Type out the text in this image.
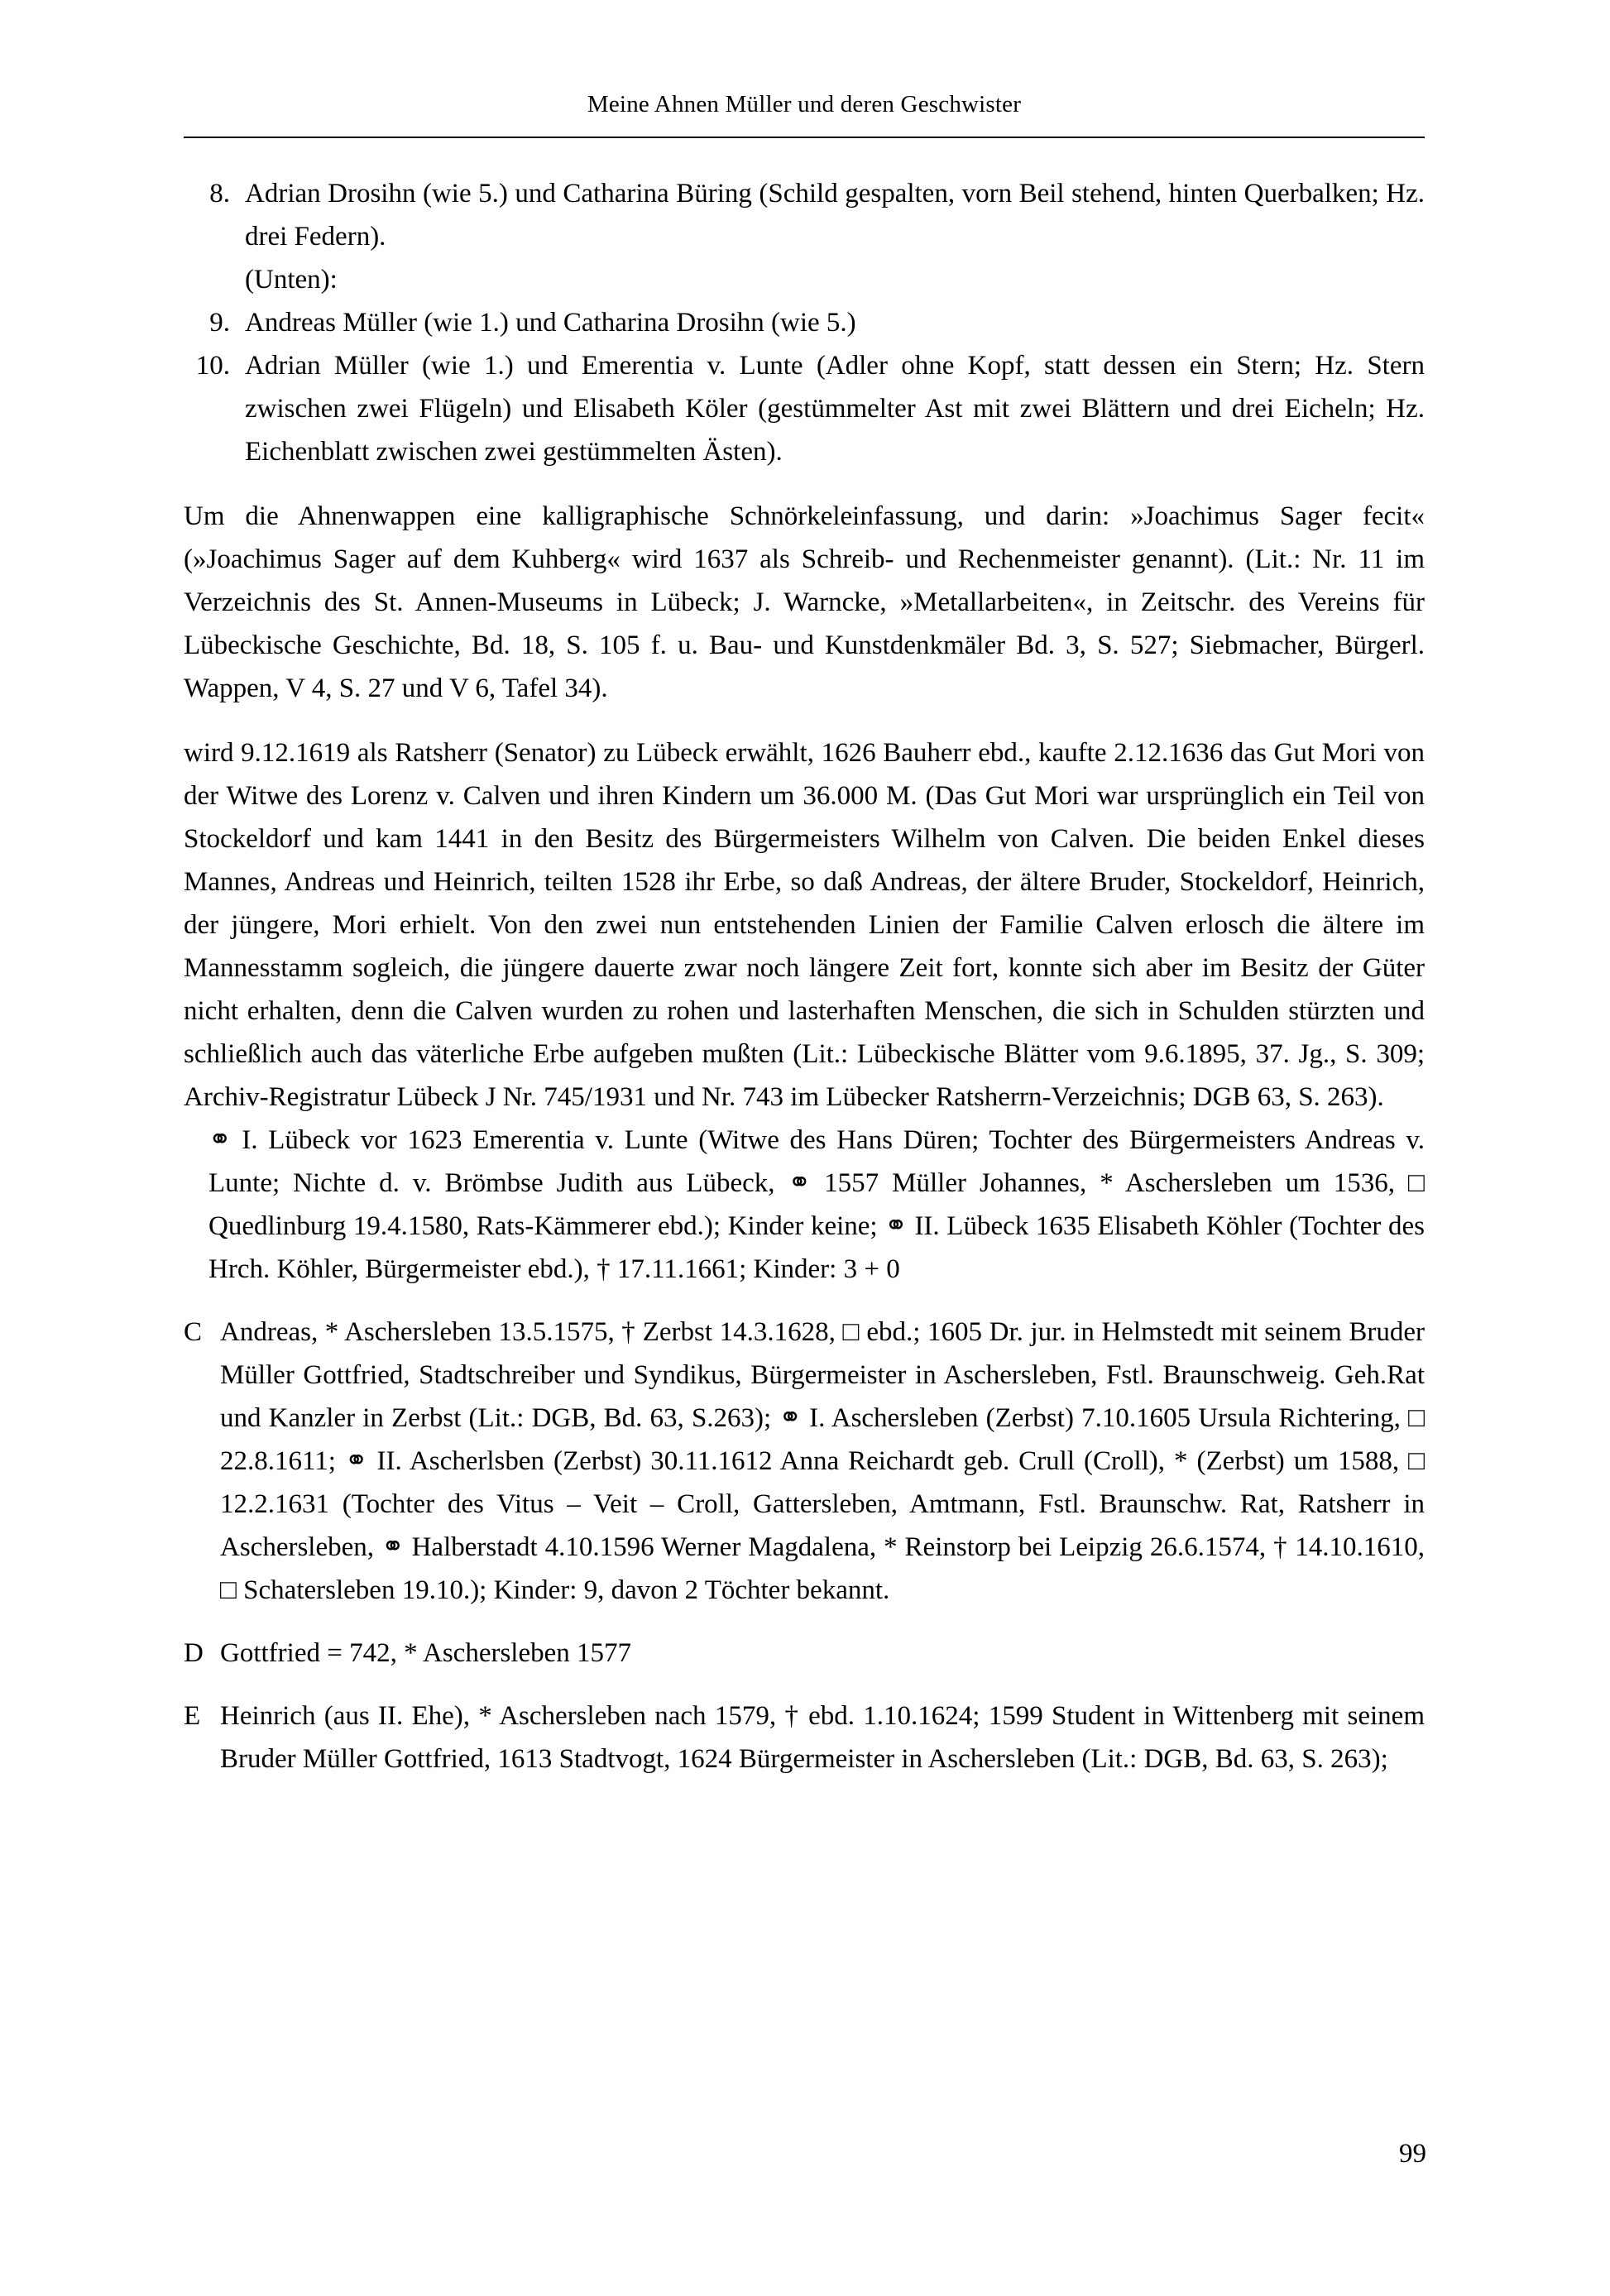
Meine Ahnen Müller und deren Geschwister
8. Adrian Drosihn (wie 5.) und Catharina Büring (Schild gespalten, vorn Beil stehend, hinten Querbalken; Hz. drei Federn).
(Unten):
9. Andreas Müller (wie 1.) und Catharina Drosihn (wie 5.)
10. Adrian Müller (wie 1.) und Emerentia v. Lunte (Adler ohne Kopf, statt dessen ein Stern; Hz. Stern zwischen zwei Flügeln) und Elisabeth Köler (gestümmelter Ast mit zwei Blättern und drei Eicheln; Hz. Eichenblatt zwischen zwei gestümmelten Ästen).

Um die Ahnenwappen eine kalligraphische Schnörkeleinfassung, und darin: »Joachimus Sager fecit« (»Joachimus Sager auf dem Kuhberg« wird 1637 als Schreib- und Rechenmeister genannt). (Lit.: Nr. 11 im Verzeichnis des St. Annen-Museums in Lübeck; J. Warncke, »Metallarbeiten«, in Zeitschr. des Vereins für Lübeckische Geschichte, Bd. 18, S. 105 f. u. Bau- und Kunstdenkmäler Bd. 3, S. 527; Siebmacher, Bürgerl. Wappen, V 4, S. 27 und V 6, Tafel 34).

wird 9.12.1619 als Ratsherr (Senator) zu Lübeck erwählt, 1626 Bauherr ebd., kaufte 2.12.1636 das Gut Mori von der Witwe des Lorenz v. Calven und ihren Kindern um 36.000 M. (Das Gut Mori war ursprünglich ein Teil von Stockeldorf und kam 1441 in den Besitz des Bürgermeisters Wilhelm von Calven. Die beiden Enkel dieses Mannes, Andreas und Heinrich, teilten 1528 ihr Erbe, so daß Andreas, der ältere Bruder, Stockeldorf, Heinrich, der jüngere, Mori erhielt. Von den zwei nun entstehenden Linien der Familie Calven erlosch die ältere im Mannesstamm sogleich, die jüngere dauerte zwar noch längere Zeit fort, konnte sich aber im Besitz der Güter nicht erhalten, denn die Calven wurden zu rohen und lasterhaften Menschen, die sich in Schulden stürzten und schließlich auch das väterliche Erbe aufgeben mußten (Lit.: Lübeckische Blätter vom 9.6.1895, 37. Jg., S. 309; Archiv-Registratur Lübeck J Nr. 745/1931 und Nr. 743 im Lübecker Ratsherrn-Verzeichnis; DGB 63, S. 263).

⚭ I. Lübeck vor 1623 Emerentia v. Lunte (Witwe des Hans Düren; Tochter des Bürgermeisters Andreas v. Lunte; Nichte d. v. Brömbse Judith aus Lübeck, ⚭ 1557 Müller Johannes, * Aschersleben um 1536, □ Quedlinburg 19.4.1580, Rats-Kämmerer ebd.); Kinder keine; ⚭ II. Lübeck 1635 Elisabeth Köhler (Tochter des Hrch. Köhler, Bürgermeister ebd.), † 17.11.1661; Kinder: 3 + 0

C Andreas, * Aschersleben 13.5.1575, † Zerbst 14.3.1628, □ ebd.; 1605 Dr. jur. in Helmstedt mit seinem Bruder Müller Gottfried, Stadtschreiber und Syndikus, Bürgermeister in Aschersleben, Fstl. Braunschweig. Geh.Rat und Kanzler in Zerbst (Lit.: DGB, Bd. 63, S.263); ⚭ I. Aschersleben (Zerbst) 7.10.1605 Ursula Richtering, □ 22.8.1611; ⚭ II. Ascherlsben (Zerbst) 30.11.1612 Anna Reichardt geb. Crull (Croll), * (Zerbst) um 1588, □ 12.2.1631 (Tochter des Vitus – Veit – Croll, Gattersleben, Amtmann, Fstl. Braunschw. Rat, Ratsherr in Aschersleben, ⚭ Halberstadt 4.10.1596 Werner Magdalena, * Reinstorp bei Leipzig 26.6.1574, † 14.10.1610, □ Schatersleben 19.10.); Kinder: 9, davon 2 Töchter bekannt.
D Gottfried = 742, * Aschersleben 1577
E Heinrich (aus II. Ehe), * Aschersleben nach 1579, † ebd. 1.10.1624; 1599 Student in Wittenberg mit seinem Bruder Müller Gottfried, 1613 Stadtvogt, 1624 Bürgermeister in Aschersleben (Lit.: DGB, Bd. 63, S. 263);
99
